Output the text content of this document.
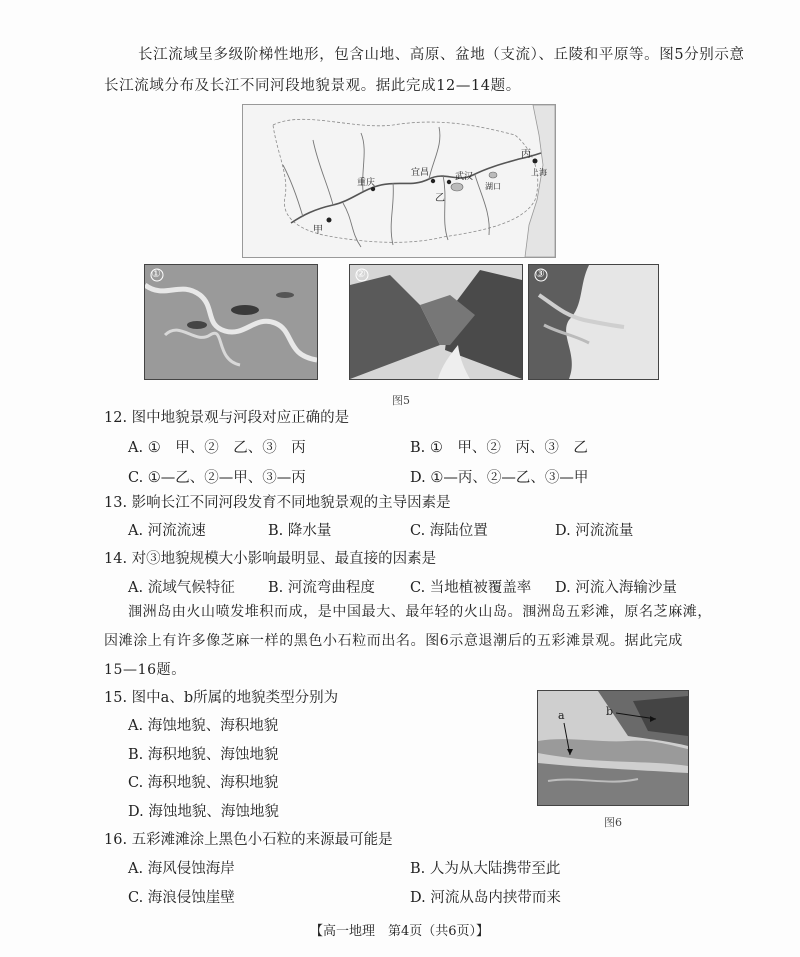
长江流域呈多级阶梯性地形，包含山地、高原、盆地（支流）、丘陵和平原等。图5分别示意
长江流域分布及长江不同河段地貌景观。据此完成12—14题。
甲
宜昌
乙
重庆
武汉
湖口
丙
上海
①	②	③
图5
12. 图中地貌景观与河段对应正确的是
A. ①　甲、②　乙、③　丙	B. ①　甲、②　丙、③　乙
C. ①—乙、②—甲、③—丙	D. ①—丙、②—乙、③—甲
13. 影响长江不同河段发育不同地貌景观的主导因素是
A. 河流流速	B. 降水量	C. 海陆位置	D. 河流流量
14. 对③地貌规模大小影响最明显、最直接的因素是
A. 流域气候特征 B. 河流弯曲程度 C. 当地植被覆盖率 D. 河流入海输沙量
涠洲岛由火山喷发堆积而成，是中国最大、最年轻的火山岛。涠洲岛五彩滩，原名芝麻滩，
因滩涂上有许多像芝麻一样的黑色小石粒而出名。图6示意退潮后的五彩滩景观。据此完成
15—16题。
15. 图中a、b所属的地貌类型分别为
A. 海蚀地貌、海积地貌
B. 海积地貌、海蚀地貌
C. 海积地貌、海积地貌
D. 海蚀地貌、海蚀地貌
a	b
图6
16. 五彩滩滩涂上黑色小石粒的来源最可能是
A. 海风侵蚀海岸	B. 人为从大陆携带至此
C. 海浪侵蚀崖壁	D. 河流从岛内挟带而来
【高一地理　第4页（共6页）】
